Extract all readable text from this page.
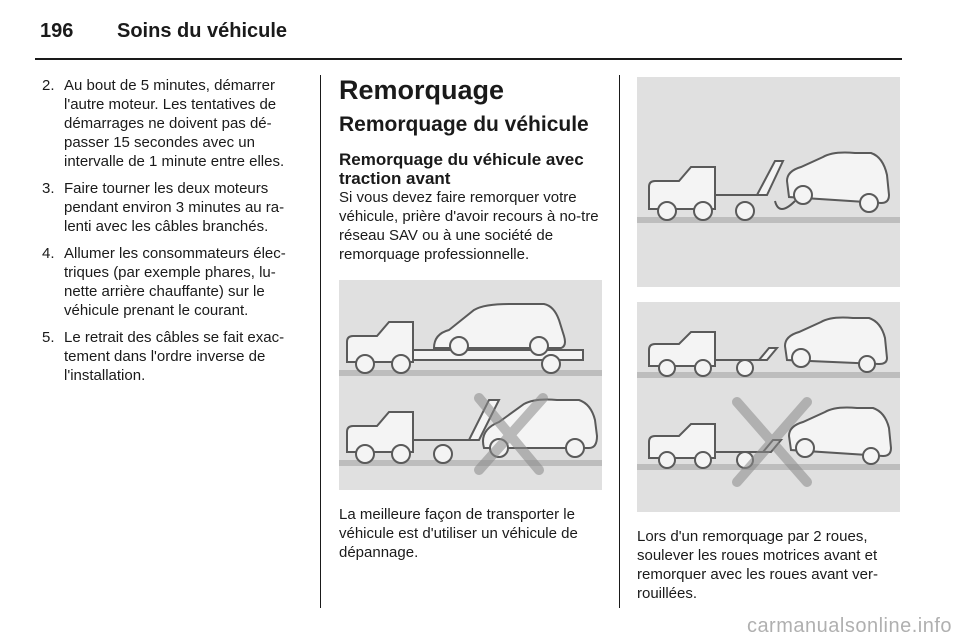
196 Soins du véhicule
2. Au bout de 5 minutes, démarrer l'autre moteur. Les tentatives de démarrages ne doivent pas dé-passer 15 secondes avec un intervalle de 1 minute entre elles.
3. Faire tourner les deux moteurs pendant environ 3 minutes au ra-lenti avec les câbles branchés.
4. Allumer les consommateurs élec-triques (par exemple phares, lu-nette arrière chauffante) sur le véhicule prenant le courant.
5. Le retrait des câbles se fait exac-tement dans l'ordre inverse de l'installation.
Remorquage
Remorquage du véhicule
Remorquage du véhicule avec traction avant

Si vous devez faire remorquer votre véhicule, prière d'avoir recours à no-tre réseau SAV ou à une société de remorquage professionnelle.

La meilleure façon de transporter le véhicule est d'utiliser un véhicule de dépannage.

Lors d'un remorquage par 2 roues, soulever les roues motrices avant et remorquer avec les roues avant ver-rouillées.

carmanualsonline.info
